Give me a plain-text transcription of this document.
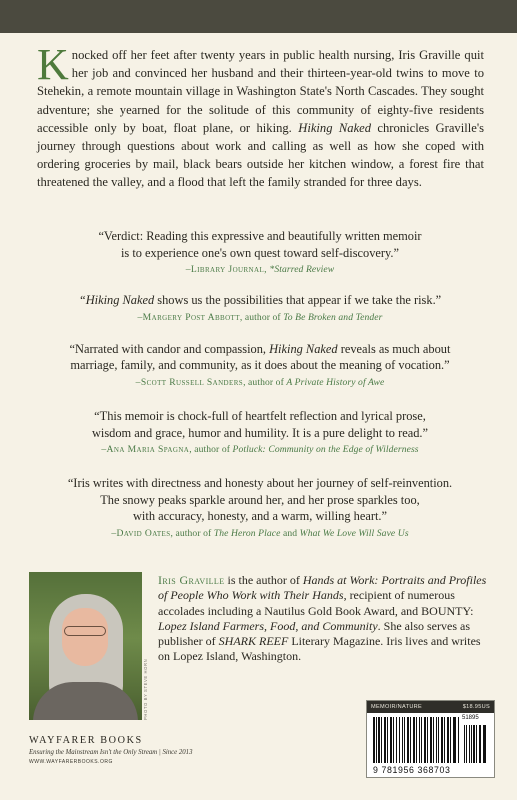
Knocked off her feet after twenty years in public health nursing, Iris Graville quit her job and convinced her husband and their thirteen-year-old twins to move to Stehekin, a remote mountain village in Washington State's North Cascades. They sought adventure; she yearned for the solitude of this community of eighty-five residents accessible only by boat, float plane, or hiking. Hiking Naked chronicles Graville's journey through questions about work and calling as well as how she coped with ordering groceries by mail, black bears outside her kitchen window, a forest fire that threatened the valley, and a flood that left the family stranded for three days.
“Verdict: Reading this expressive and beautifully written memoir
is to experience one's own quest toward self-discovery.”
–Library Journal, *Starred Review
“Hiking Naked shows us the possibilities that appear if we take the risk.”
–Margery Post Abbott, author of To Be Broken and Tender
“Narrated with candor and compassion, Hiking Naked reveals as much about
marriage, family, and community, as it does about the meaning of vocation.”
–Scott Russell Sanders, author of A Private History of Awe
“This memoir is chock-full of heartfelt reflection and lyrical prose,
wisdom and grace, humor and humility. It is a pure delight to read.”
–Ana Maria Spagna, author of Potluck: Community on the Edge of Wilderness
“Iris writes with directness and honesty about her journey of self-reinvention.
The snowy peaks sparkle around her, and her prose sparkles too,
with accuracy, honesty, and a warm, willing heart.”
–David Oates, author of The Heron Place and What We Love Will Save Us
PHOTO BY STEVE HORN
Iris Graville is the author of Hands at Work: Portraits and Profiles of People Who Work with Their Hands, recipient of numerous accolades including a Nautilus Gold Book Award, and BOUNTY: Lopez Island Farmers, Food, and Community. She also serves as publisher of SHARK REEF Literary Magazine. Iris lives and writes on Lopez Island, Washington.
WAYFARER BOOKS
Ensuring the Mainstream Isn't the Only Stream | Since 2013
WWW.WAYFARERBOOKS.ORG
MEMOIR/NATURE	$18.95US
51895
9 781956 368703
